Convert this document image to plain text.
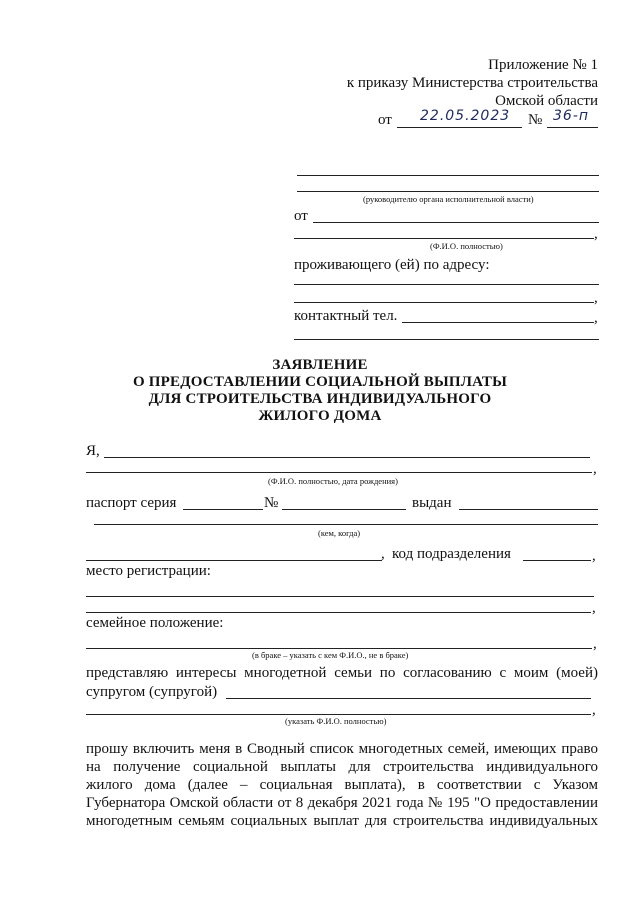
Приложение № 1
к приказу Министерства строительства
Омской области
от 22.05.2023 № 36-п
(руководителю органа исполнительной власти)
от
,
(Ф.И.О. полностью)
проживающего (ей) по адресу:
,
контактный тел.	,
ЗАЯВЛЕНИЕ
О ПРЕДОСТАВЛЕНИИ СОЦИАЛЬНОЙ ВЫПЛАТЫ
ДЛЯ СТРОИТЕЛЬСТВА ИНДИВИДУАЛЬНОГО
ЖИЛОГО ДОМА
Я,
,
(Ф.И.О. полностью, дата рождения)
паспорт серия	№	выдан
(кем, когда)
, код подразделения	,
место регистрации:
,
семейное положение:
,
(в браке – указать с кем Ф.И.О., не в браке)
представляю интересы многодетной семьи по согласованию с моим (моей)
супругом (супругой)
,
(указать Ф.И.О. полностью)
прошу включить меня в Сводный список многодетных семей, имеющих право
на получение социальной выплаты для строительства индивидуального
жилого дома (далее – социальная выплата), в соответствии с Указом
Губернатора Омской области от 8 декабря 2021 года № 195 "О предоставлении
многодетным семьям социальных выплат для строительства индивидуальных
